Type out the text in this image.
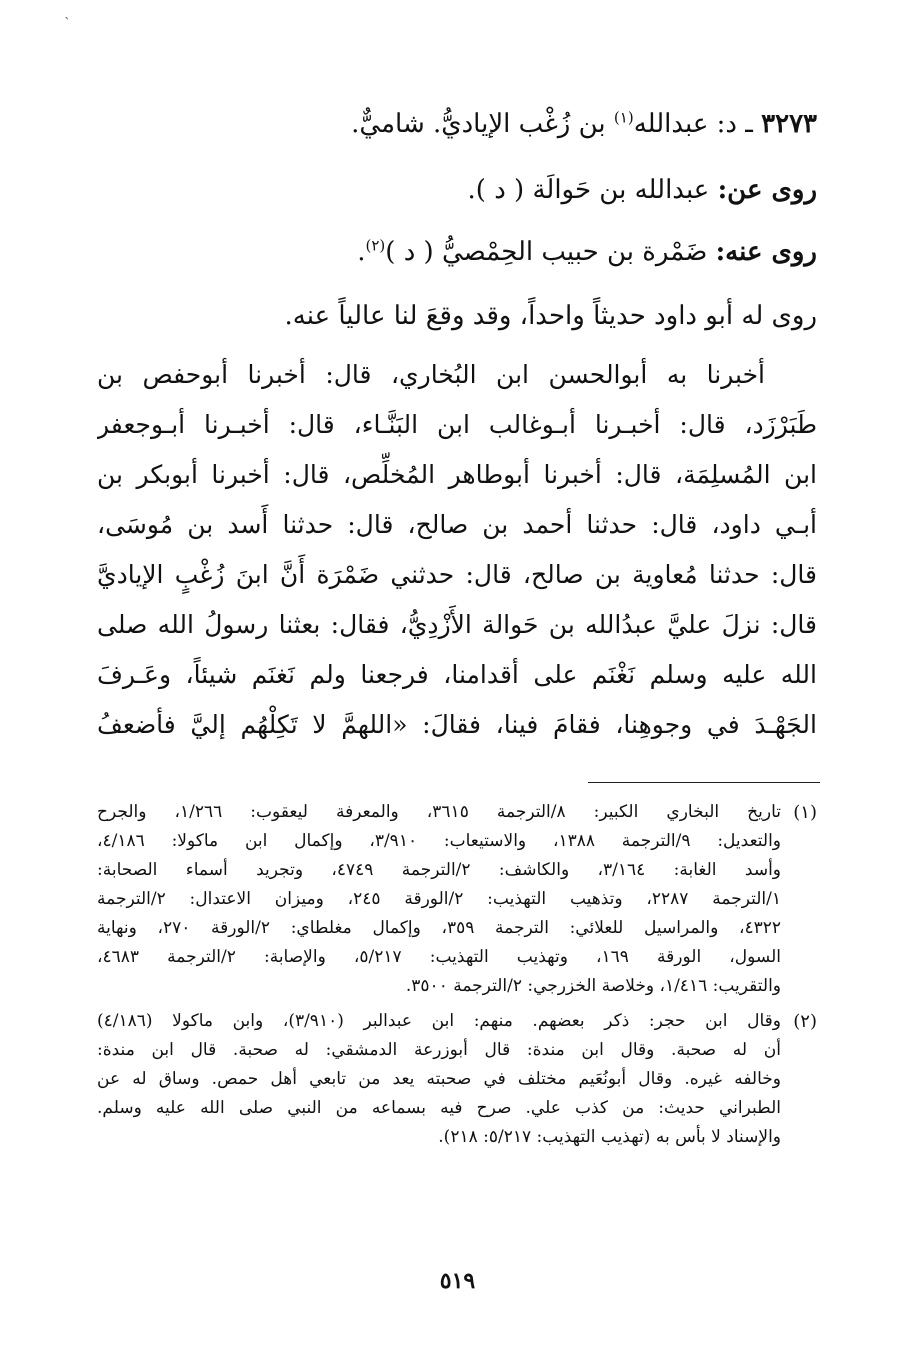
`
٣٢٧٣ ـ د: عبدالله$^{(١)}$ بن زُغْب الإياديُّ. شاميٌّ.
روى عن: عبدالله بن حَوالَة ( د ).
روى عنه: ضَمْرة بن حبيب الحِمْصيُّ ( د )$^{(٢)}$.
روى له أبو داود حديثاً واحداً، وقد وقعَ لنا عالياً عنه.
أخبرنا به أبوالحسن ابن البُخاري، قال: أخبرنا أبوحفص بن
طَبَرْزَد، قال: أخبـرنا أبـوغالب ابن البَنَّـاء، قال: أخبـرنا أبـوجعفر
ابن المُسلِمَة، قال: أخبرنا أبوطاهر المُخلِّص، قال: أخبرنا أبوبكر بن
أبـي داود، قال: حدثنا أحمد بن صالح، قال: حدثنا أَسد بن مُوسَى،
قال: حدثنا مُعاوية بن صالح، قال: حدثني ضَمْرَة أَنَّ ابنَ زُغْبٍ الإياديَّ
قال: نزلَ عليَّ عبدُالله بن حَوالة الأَزْدِيُّ، فقال: بعثنا رسولُ الله صلى
الله عليه وسلم نَغْنَم على أقدامنا، فرجعنا ولم نَغنَم شيئاً، وعَـرفَ
الجَهْـدَ في وجوهِنا، فقامَ فينا، فقالَ: «اللهمَّ لا تَكِلْهُم إليَّ فأضعفُ
(١)
تاريخ البخاري الكبير: ٨/الترجمة ٣٦١٥، والمعرفة ليعقوب: ١/٢٦٦، والجرح
والتعديل: ٩/الترجمة ١٣٨٨، والاستيعاب: ٣/٩١٠، وإكمال ابن ماكولا: ٤/١٨٦،
وأسد الغابة: ٣/١٦٤، والكاشف: ٢/الترجمة ٤٧٤٩، وتجريد أسماء الصحابة:
١/الترجمة ٢٢٨٧، وتذهيب التهذيب: ٢/الورقة ٢٤٥، وميزان الاعتدال: ٢/الترجمة
٤٣٢٢، والمراسيل للعلائي: الترجمة ٣٥٩، وإكمال مغلطاي: ٢/الورقة ٢٧٠، ونهاية
السول، الورقة ١٦٩، وتهذيب التهذيب: ٥/٢١٧، والإصابة: ٢/الترجمة ٤٦٨٣،
والتقريب: ١/٤١٦، وخلاصة الخزرجي: ٢/الترجمة ٣٥٠٠.
(٢)
وقال ابن حجر: ذكر بعضهم. منهم: ابن عبدالبر (٣/٩١٠)، وابن ماكولا (٤/١٨٦)
أن له صحبة. وقال ابن مندة: قال أبوزرعة الدمشقي: له صحبة. قال ابن مندة:
وخالفه غيره. وقال أبونُعَيم مختلف في صحبته يعد من تابعي أهل حمص. وساق له عن
الطبراني حديث: من كذب علي. صرح فيه بسماعه من النبي صلى الله عليه وسلم.
والإسناد لا بأس به (تهذيب التهذيب: ٥/٢١٧: ٢١٨).
٥١٩
